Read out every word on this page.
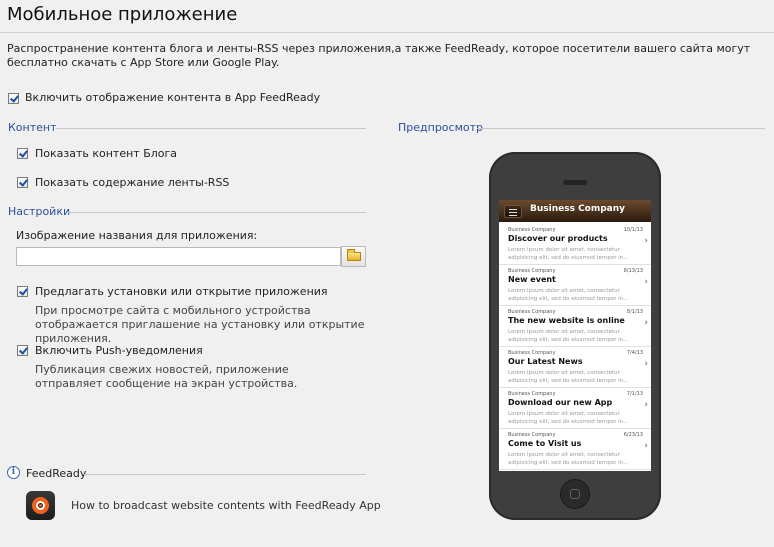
Мобильное приложение
Распространение контента блога и ленты-RSS через приложения,а также FeedReady, которое посетители вашего сайта могут бесплатно скачать с App Store или Google Play.
Включить отображение контента в App FeedReady
Контент
Показать контент Блога
Показать содержание ленты-RSS
Настройки
Изображение названия для приложения:
Предлагать установки или открытие приложения
При просмотре сайта с мобильного устройства отображается приглашение на установку или открытие приложения.
Включить Push-уведомления
Публикация свежих новостей, приложение отправляет сообщение на экран устройства.
i FeedReady
How to broadcast website contents with FeedReady App
Предпросмотр
Business Company
Business Company	10/1/13
Discover our products
Lorem ipsum dolor sit amet, consectetur adipisicing elit, sed do eiusmod tempor in...
›
Business Company	8/13/13
New event
Lorem ipsum dolor sit amet, consectetur adipisicing elit, sed do eiusmod tempor in...
›
Business Company	8/1/13
The new website is online
Lorem ipsum dolor sit amet, consectetur adipisicing elit, sed do eiusmod tempor in...
›
Business Company	7/4/13
Our Latest News
Lorem ipsum dolor sit amet, consectetur adipisicing elit, sed do eiusmod tempor in...
›
Business Company	7/1/13
Download our new App
Lorem ipsum dolor sit amet, consectetur adipisicing elit, sed do eiusmod tempor in...
›
Business Company	6/23/13
Come to Visit us
Lorem ipsum dolor sit amet, consectetur adipisicing elit, sed do eiusmod tempor in...
›
